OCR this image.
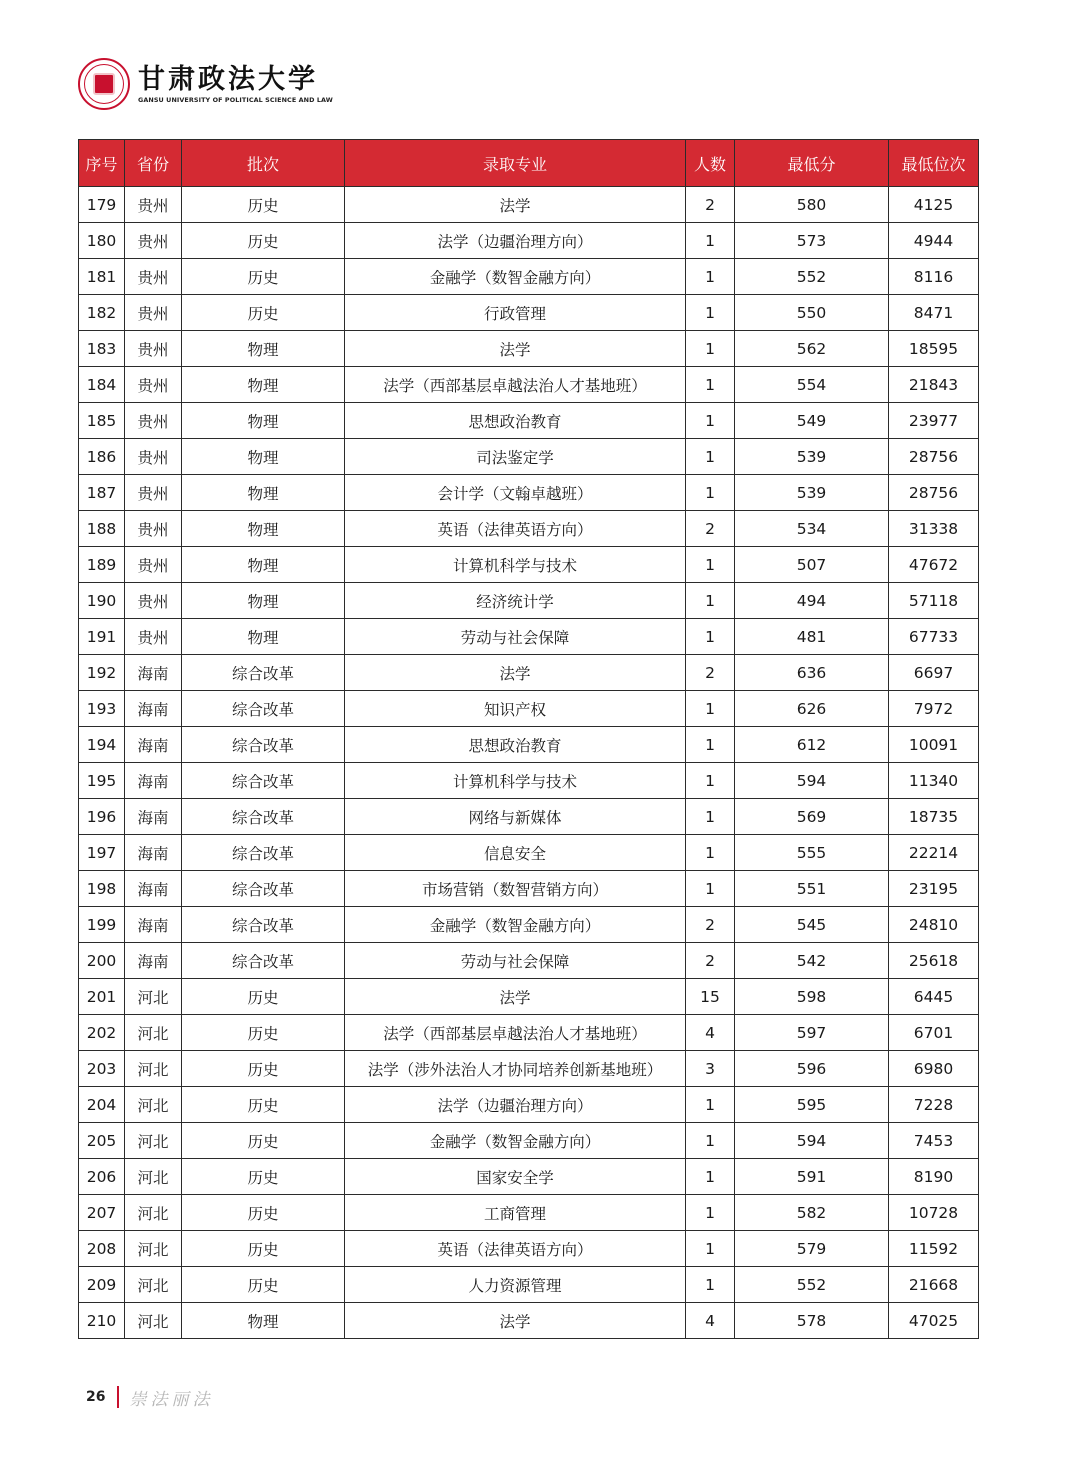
甘肃政法大学
GANSU UNIVERSITY OF POLITICAL SCIENCE AND LAW
序号	省份	批次	录取专业	人数	最低分	最低位次
179	贵州	历史	法学	2	580	4125
180	贵州	历史	法学（边疆治理方向）	1	573	4944
181	贵州	历史	金融学（数智金融方向）	1	552	8116
182	贵州	历史	行政管理	1	550	8471
183	贵州	物理	法学	1	562	18595
184	贵州	物理	法学（西部基层卓越法治人才基地班）	1	554	21843
185	贵州	物理	思想政治教育	1	549	23977
186	贵州	物理	司法鉴定学	1	539	28756
187	贵州	物理	会计学（文翰卓越班）	1	539	28756
188	贵州	物理	英语（法律英语方向）	2	534	31338
189	贵州	物理	计算机科学与技术	1	507	47672
190	贵州	物理	经济统计学	1	494	57118
191	贵州	物理	劳动与社会保障	1	481	67733
192	海南	综合改革	法学	2	636	6697
193	海南	综合改革	知识产权	1	626	7972
194	海南	综合改革	思想政治教育	1	612	10091
195	海南	综合改革	计算机科学与技术	1	594	11340
196	海南	综合改革	网络与新媒体	1	569	18735
197	海南	综合改革	信息安全	1	555	22214
198	海南	综合改革	市场营销（数智营销方向）	1	551	23195
199	海南	综合改革	金融学（数智金融方向）	2	545	24810
200	海南	综合改革	劳动与社会保障	2	542	25618
201	河北	历史	法学	15	598	6445
202	河北	历史	法学（西部基层卓越法治人才基地班）	4	597	6701
203	河北	历史	法学（涉外法治人才协同培养创新基地班）	3	596	6980
204	河北	历史	法学（边疆治理方向）	1	595	7228
205	河北	历史	金融学（数智金融方向）	1	594	7453
206	河北	历史	国家安全学	1	591	8190
207	河北	历史	工商管理	1	582	10728
208	河北	历史	英语（法律英语方向）	1	579	11592
209	河北	历史	人力资源管理	1	552	21668
210	河北	物理	法学	4	578	47025
26 崇法丽法
